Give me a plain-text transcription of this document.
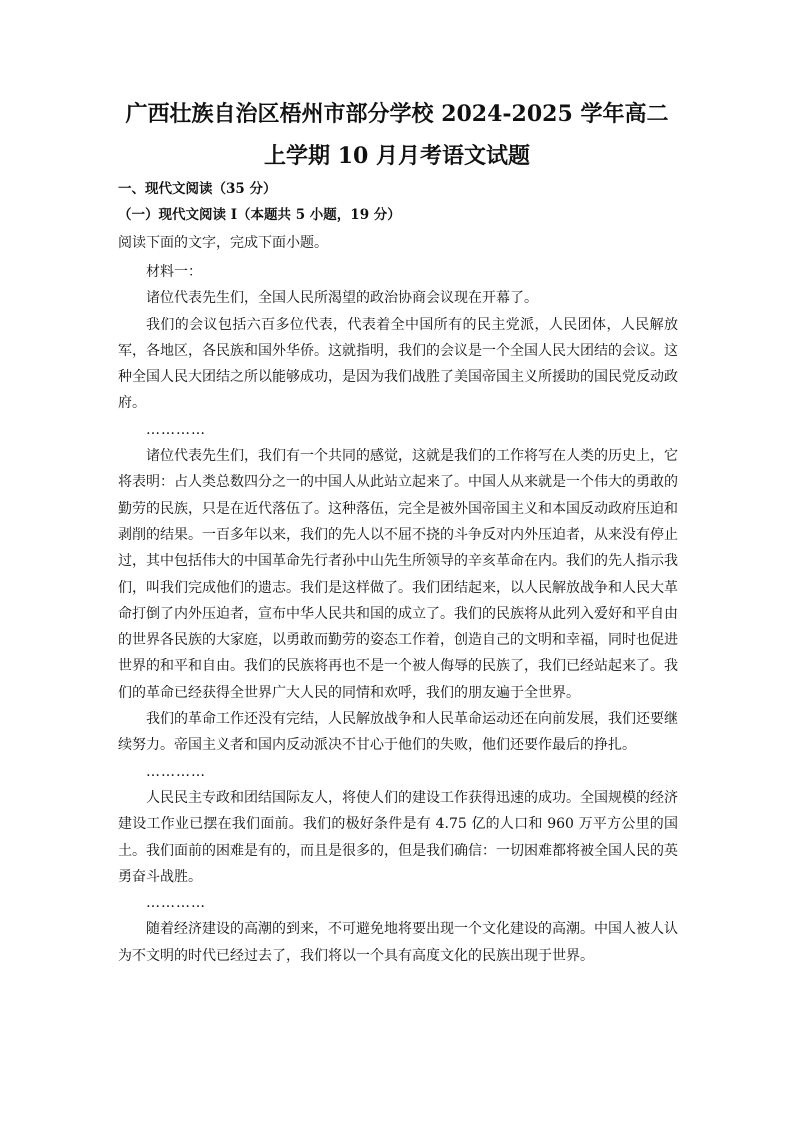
广西壮族自治区梧州市部分学校 2024-2025 学年高二
上学期 10 月月考语文试题
一、现代文阅读（35 分）
（一）现代文阅读 I（本题共 5 小题，19 分）
阅读下面的文字，完成下面小题。

材料一：

诸位代表先生们，全国人民所渴望的政治协商会议现在开幕了。

我们的会议包括六百多位代表，代表着全中国所有的民主党派，人民团体，人民解放军，各地区，各民族和国外华侨。这就指明，我们的会议是一个全国人民大团结的会议。这种全国人民大团结之所以能够成功，是因为我们战胜了美国帝国主义所援助的国民党反动政府。

…………

诸位代表先生们，我们有一个共同的感觉，这就是我们的工作将写在人类的历史上，它将表明：占人类总数四分之一的中国人从此站立起来了。中国人从来就是一个伟大的勇敢的勤劳的民族，只是在近代落伍了。这种落伍，完全是被外国帝国主义和本国反动政府压迫和剥削的结果。一百多年以来，我们的先人以不屈不挠的斗争反对内外压迫者，从来没有停止过，其中包括伟大的中国革命先行者孙中山先生所领导的辛亥革命在内。我们的先人指示我们，叫我们完成他们的遗志。我们是这样做了。我们团结起来，以人民解放战争和人民大革命打倒了内外压迫者，宣布中华人民共和国的成立了。我们的民族将从此列入爱好和平自由的世界各民族的大家庭，以勇敢而勤劳的姿态工作着，创造自己的文明和幸福，同时也促进世界的和平和自由。我们的民族将再也不是一个被人侮辱的民族了，我们已经站起来了。我们的革命已经获得全世界广大人民的同情和欢呼，我们的朋友遍于全世界。

我们的革命工作还没有完结，人民解放战争和人民革命运动还在向前发展，我们还要继续努力。帝国主义者和国内反动派决不甘心于他们的失败，他们还要作最后的挣扎。

…………

人民民主专政和团结国际友人，将使人们的建设工作获得迅速的成功。全国规模的经济建设工作业已摆在我们面前。我们的极好条件是有 4.75 亿的人口和 960 万平方公里的国土。我们面前的困难是有的，而且是很多的，但是我们确信：一切困难都将被全国人民的英勇奋斗战胜。

…………

随着经济建设的高潮的到来，不可避免地将要出现一个文化建设的高潮。中国人被人认为不文明的时代已经过去了，我们将以一个具有高度文化的民族出现于世界。
